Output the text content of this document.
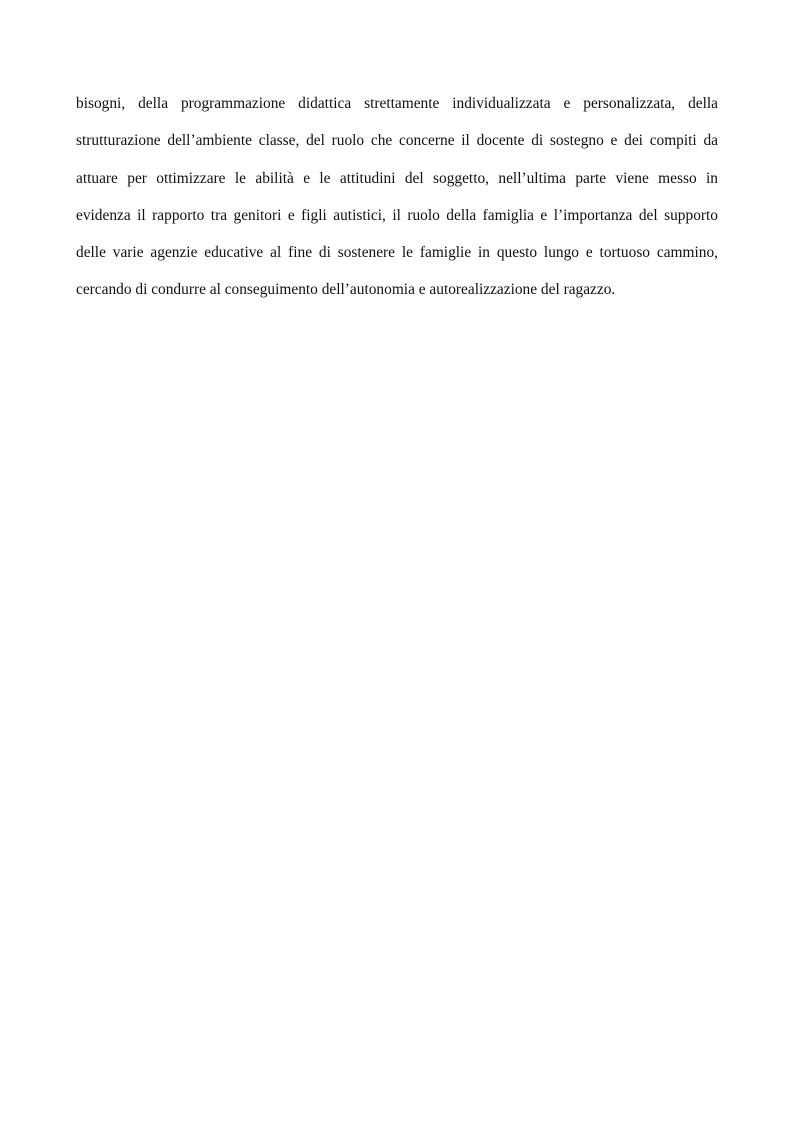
bisogni, della programmazione didattica strettamente individualizzata e personalizzata, della
strutturazione dell’ambiente classe, del ruolo che concerne il docente di sostegno e dei compiti da
attuare per ottimizzare le abilità e le attitudini del soggetto, nell’ultima parte viene messo in
evidenza il rapporto tra genitori e figli autistici, il ruolo della famiglia e l’importanza del supporto
delle varie agenzie educative al fine di sostenere le famiglie in questo lungo e tortuoso cammino,
cercando di condurre al conseguimento dell’autonomia e autorealizzazione del ragazzo.
